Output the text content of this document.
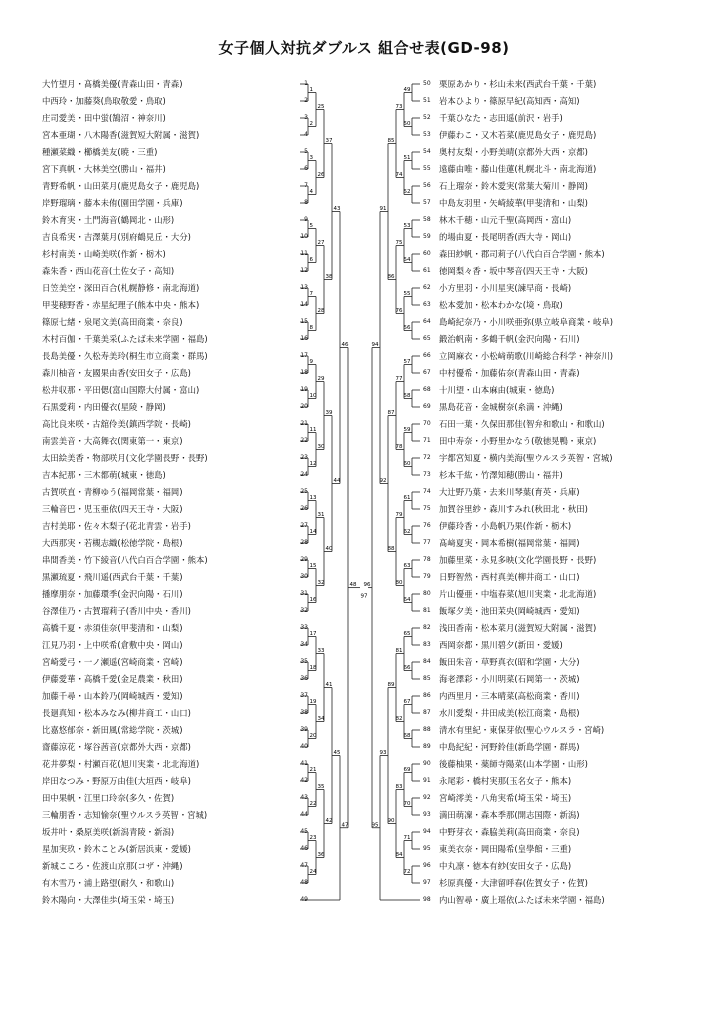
女子個人対抗ダブルス 組合せ表(GD-98)
大竹望月・髙橋美優(青森山田・青森)	1
中西玲・加藤葵(鳥取敬愛・鳥取)	2
庄司愛美・田中蛍(鵠沼・神奈川)	3
宮本亜瑚・八木陽香(滋賀短大附属・滋賀)	4
種瀬菜織・櫛橋美友(暁・三重)	5
宮下真帆・大林美空(勝山・福井)	6
青野希帆・山田菜月(鹿児島女子・鹿児島)	7
岸野瑠璃・藤本未侑(園田学園・兵庫)	8
鈴木育実・土門海音(鶴岡北・山形)	9
吉良希実・吉澤葉月(別府鶴見丘・大分)	10
杉村南美・山崎美咲(作新・栃木)	11
森朱香・西山花音(土佐女子・高知)	12
日笠美空・深田百合(札幌静修・南北海道)	13
甲斐穂野香・赤星紀理子(熊本中央・熊本)	14
篠原七緒・泉尾文美(高田商業・奈良)	15
木村百伽・千葉美采(ふたば未来学園・福島)	16
長島美優・久松寿美玲(桐生市立商業・群馬)	17
森川柚音・友國果由香(安田女子・広島)	18
松井収那・平田偲(富山国際大付属・富山)	19
石黒愛莉・内田優衣(星陵・静岡)	20
高比良来咲・古舘伶美(鎮西学院・長崎)	21
南雲美音・大高舞衣(関東第一・東京)	22
太田絵美香・物部咲月(文化学園長野・長野)	23
吉本紀那・三木都萌(城東・徳島)	24
古賀咲直・青柳ゆう(福岡常葉・福岡)	25
三輪音巴・児玉亜依(四天王寺・大阪)	26
吉村美耶・佐々木梨子(花北青雲・岩手)	27
大西那実・若槻志織(松徳学院・島根)	28
串間香美・竹下綾音(八代白百合学園・熊本)	29
黒瀬琉夏・飛川遥(西武台千葉・千葉)	30
播摩朋奈・加藤環季(金沢向陽・石川)	31
谷澤佳乃・古賀瑠莉子(香川中央・香川)	32
高橋千夏・赤須佳奈(甲斐清和・山梨)	33
江見乃羽・上中咲希(倉敷中央・岡山)	34
宮崎愛弓・一ノ瀬遥(宮崎商業・宮崎)	35
伊藤愛華・高橋千愛(金足農業・秋田)	36
加藤千尋・山本鈴乃(岡崎城西・愛知)	37
長廻真知・松本みなみ(柳井商工・山口)	38
比嘉悠郁奈・新田風(常総学院・茨城)	39
齋藤涼花・塚谷茜音(京都外大西・京都)	40
花井夢梨・村瀬百花(旭川実業・北北海道)	41
岸田なつみ・野原万由佳(大垣西・岐阜)	42
田中果帆・江里口玲奈(多久・佐賀)	43
三輪朋香・志知愉奈(聖ウルスラ英智・宮城)	44
坂井叶・桑原美咲(新潟青陵・新潟)	45
星加実玖・鈴木ことみ(新居浜東・愛媛)	46
新城こころ・佐渡山京那(コザ・沖縄)	47
有木雪乃・浦上路望(耐久・和歌山)	48
鈴木陽向・大澤佳歩(埼玉栄・埼玉)	49
50 栗原あかり・杉山未来(西武台千葉・千葉)
51 岩本ひより・篠原早紀(高知西・高知)
52 千葉ひなた・志田遥(前沢・岩手)
53 伊藤わこ・又木若菜(鹿児島女子・鹿児島)
54 奥村友梨・小野美晴(京都外大西・京都)
55 遠藤由唯・藤山佳蓮(札幌北斗・南北海道)
56 石上瑠奈・鈴木愛実(常葉大菊川・静岡)
57 中島友羽里・矢崎綾華(甲斐清和・山梨)
58 林木千穂・山元千聖(高岡西・富山)
59 的場由夏・長尾明香(西大寺・岡山)
60 森田紗帆・郡司莉子(八代白百合学園・熊本)
61 徳岡梨々香・坂中琴音(四天王寺・大阪)
62 小方里羽・小川星実(諫早商・長崎)
63 松本愛加・松本わかな(境・鳥取)
64 島崎紀奈乃・小川咲亜弥(県立岐阜商業・岐阜)
65 鍛治帆南・多鶴千帆(金沢向陽・石川)
66 立岡麻衣・小松﨑萌歌(川崎総合科学・神奈川)
67 中村優希・加藤佑奈(青森山田・青森)
68 十川望・山本麻由(城東・徳島)
69 黒島花音・金城樹奈(糸満・沖縄)
70 石田一葉・久保田那佳(智弁和歌山・和歌山)
71 田中寿奈・小野里かなう(敬徳晃鴨・東京)
72 宇都宮知夏・横内美海(聖ウルスラ英智・宮城)
73 杉本千紘・竹澤知穂(勝山・福井)
74 大辻野乃葉・去来川琴葉(育英・兵庫)
75 加賀谷里紗・森川すみれ(秋田北・秋田)
76 伊藤玲香・小島帆乃果(作新・栃木)
77 髙﨑夏実・岡本希樹(福岡常葉・福岡)
78 加藤里菜・永見多映(文化学園長野・長野)
79 日野智然・西村真美(柳井商工・山口)
80 片山優亜・中塩春菜(旭川実業・北北海道)
81 飯塚夕美・池田茉央(岡崎城西・愛知)
82 浅田香南・松本菜月(滋賀短大附属・滋賀)
83 西岡奈都・黒川碧夕(新田・愛媛)
84 飯田朱音・草野真衣(昭和学園・大分)
85 海老澤彩・小川明菜(石岡第一・茨城)
86 内西里月・三本晴菜(高松商業・香川)
87 水川愛梨・井田成美(松江商業・島根)
88 清水有里紀・東保芽依(聖心ウルスラ・宮崎)
89 中島紀紀・河野鈴佳(新島学園・群馬)
90 後藤柚果・薬師寺陽菜(山本学園・山形)
91 永尾彩・橋村実那(玉名女子・熊本)
92 宮崎澪美・八角実希(埼玉栄・埼玉)
93 満田萌凜・森本季那(開志国際・新潟)
94 中野芽衣・森脇美莉(高田商業・奈良)
95 東美衣奈・岡田陽希(皇學館・三重)
96 中丸凛・徳本有紗(安田女子・広島)
97 杉原真優・大津留呼春(佐賀女子・佐賀)
98 内山智尋・廣上瑶依(ふたば未来学園・福島)
1
2
3
4
5
6
7
8
9
10
11
12
13
14
15
16
17
18
19
20
21
22
23
24
25
26
27
28
29
30
31
32
33
34
35
36
37
38
39
40
41
42
43
44
45
46
47
48
49
50
51
52
53
54
55
56
57
58
59
60
61
62
63
64
65
66
67
68
69
70
71
72
73
74
75
76
77
78
79
80
81
82
83
84
85
86
87
88
89
90
91
92
93
94
95
96
97
